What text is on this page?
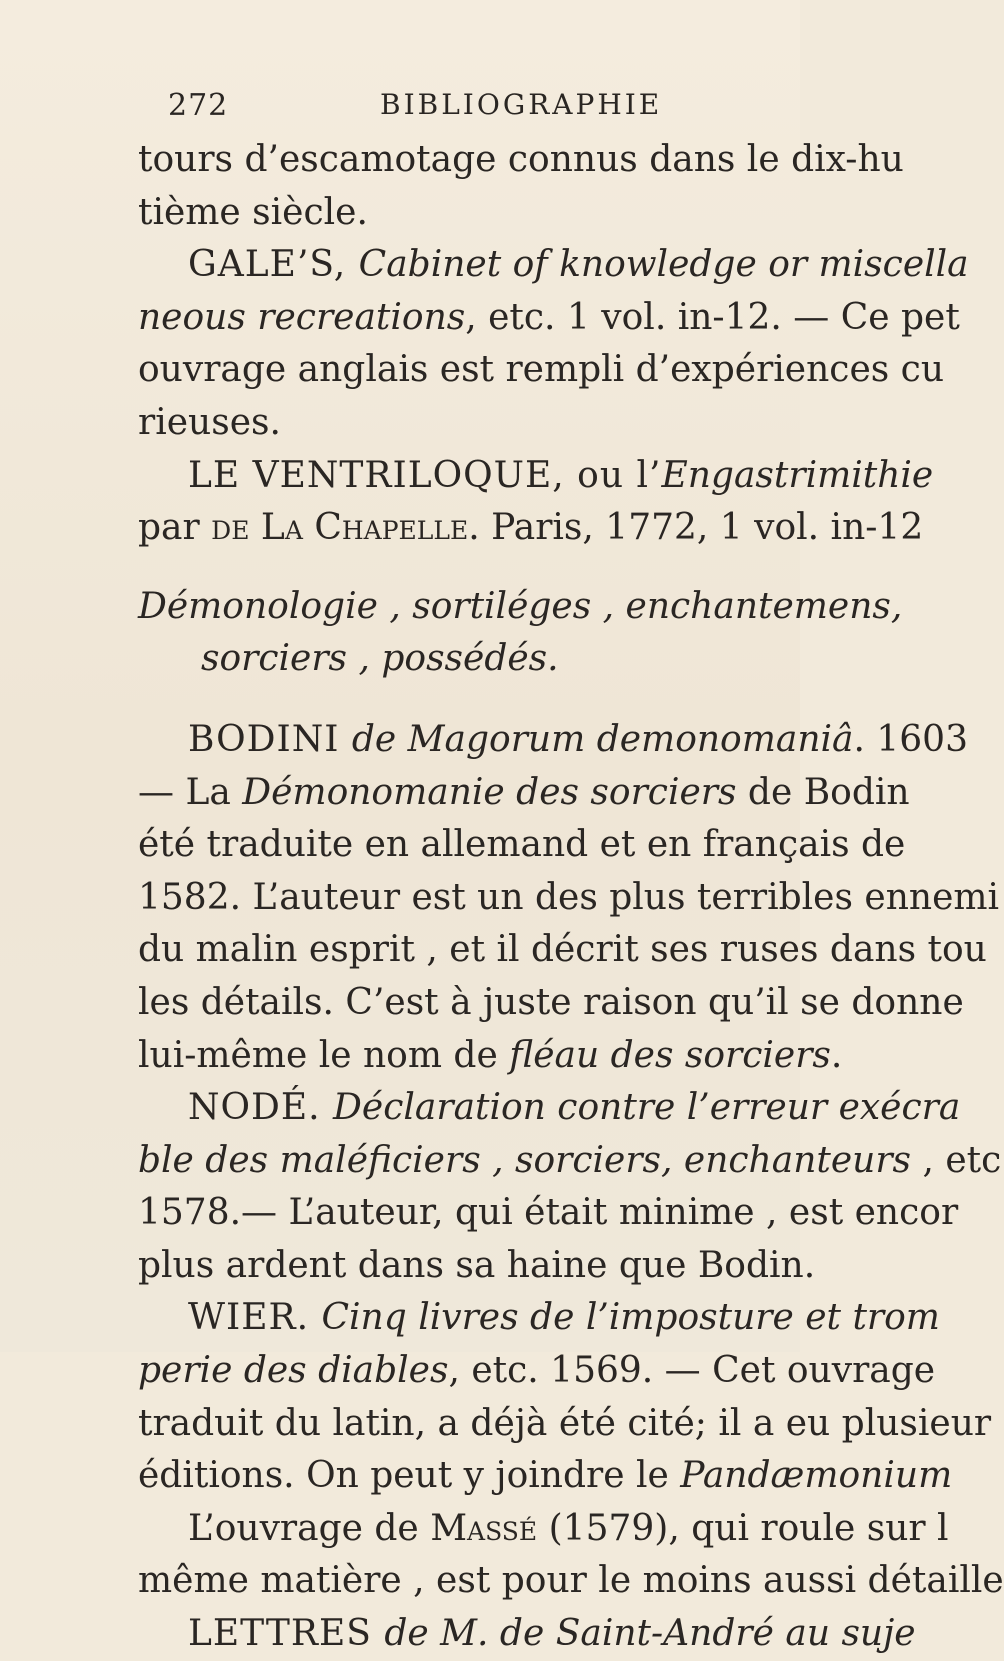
272	BIBLIOGRAPHIE
tours d’escamotage connus dans le dix-hu
tième siècle.
GALE’S, Cabinet of knowledge or miscella
neous recreations, etc. 1 vol. in-12. — Ce pet
ouvrage anglais est rempli d’expériences cu
rieuses.
LE VENTRILOQUE, ou l’Engastrimithie
par de La Chapelle. Paris, 1772, 1 vol. in-12
Démonologie , sortiléges , enchantemens,
sorciers , possédés.
BODINI de Magorum demonomaniâ. 1603
— La Démonomanie des sorciers de Bodin
été traduite en allemand et en français de
1582. L’auteur est un des plus terribles ennemi
du malin esprit , et il décrit ses ruses dans tou
les détails. C’est à juste raison qu’il se donne
lui-même le nom de fléau des sorciers.
NODÉ. Déclaration contre l’erreur exécra
ble des maléficiers , sorciers, enchanteurs , etc
1578.— L’auteur, qui était minime , est encor
plus ardent dans sa haine que Bodin.
WIER. Cinq livres de l’imposture et trom
perie des diables, etc. 1569. — Cet ouvrage
traduit du latin, a déjà été cité; il a eu plusieur
éditions. On peut y joindre le Pandæmonium
L’ouvrage de Massé (1579), qui roule sur l
même matière , est pour le moins aussi détaille
LETTRES de M. de Saint-André au suje
